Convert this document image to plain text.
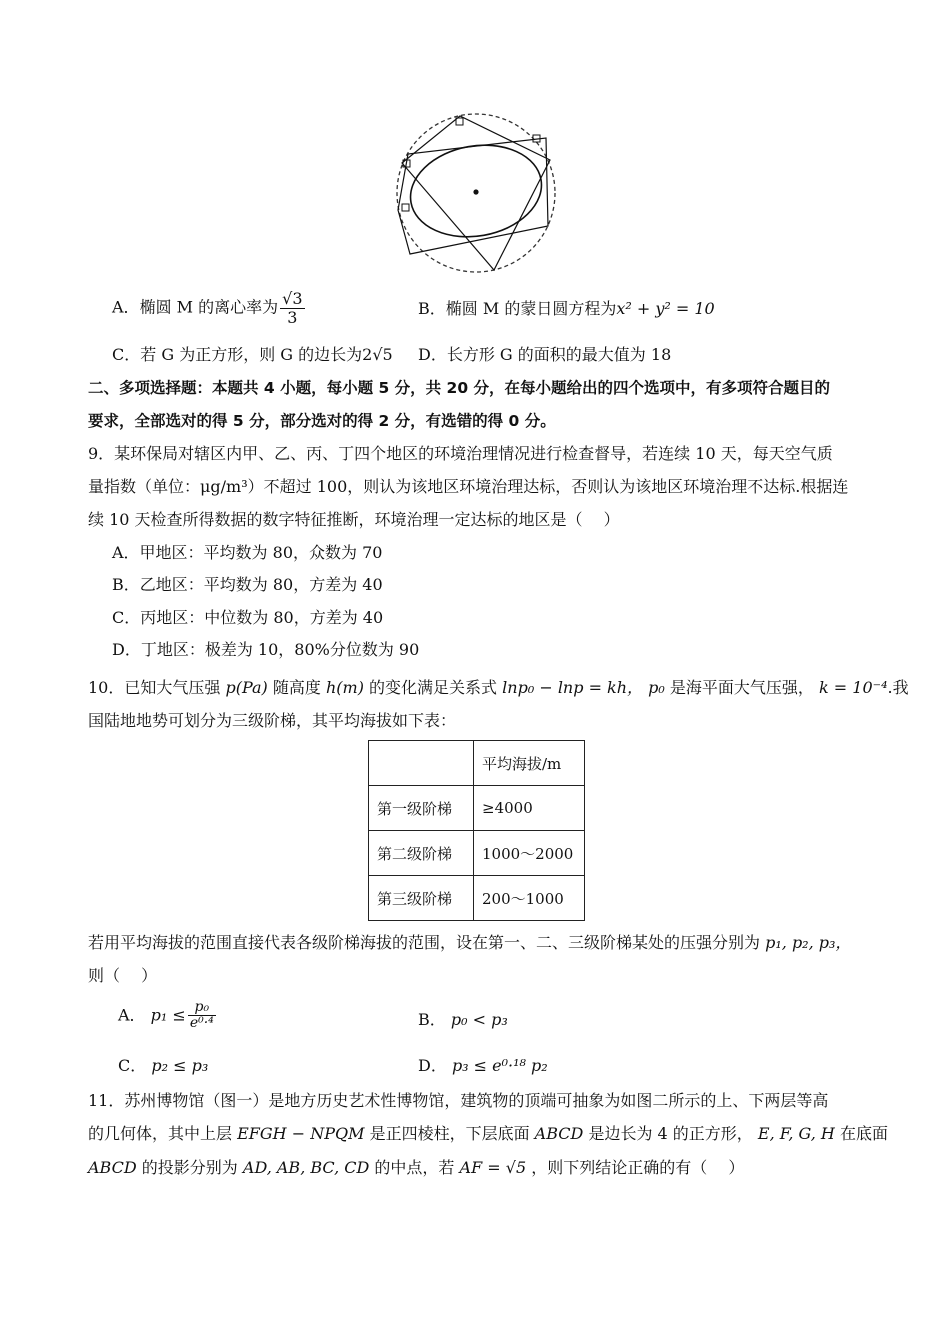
A．椭圆 M 的离心率为 $\frac{√3}{3}$	B．椭圆 M 的蒙日圆方程为x² + y² = 10
C．若 G 为正方形，则 G 的边长为2√5 D．长方形 G 的面积的最大值为 18
二、多项选择题：本题共 4 小题，每小题 5 分，共 20 分，在每小题给出的四个选项中，有多项符合题目的
要求，全部选对的得 5 分，部分选对的得 2 分，有选错的得 0 分。
9．某环保局对辖区内甲、乙、丙、丁四个地区的环境治理情况进行检查督导，若连续 10 天，每天空气质
量指数（单位：μg/m³）不超过 100，则认为该地区环境治理达标，否则认为该地区环境治理不达标.根据连
续 10 天检查所得数据的数字特征推断，环境治理一定达标的地区是（　 ）
A．甲地区：平均数为 80，众数为 70
B．乙地区：平均数为 80，方差为 40
C．丙地区：中位数为 80，方差为 40
D．丁地区：极差为 10，80%分位数为 90
10．已知大气压强 p(Pa) 随高度 h(m) 的变化满足关系式 lnp₀ − lnp = kh， p₀ 是海平面大气压强， k = 10⁻⁴.我
国陆地地势可划分为三级阶梯，其平均海拔如下表：
	平均海拔/m
第一级阶梯	≥4000
第二级阶梯	1000～2000
第三级阶梯	200～1000
若用平均海拔的范围直接代表各级阶梯海拔的范围，设在第一、二、三级阶梯某处的压强分别为 p₁, p₂, p₃，
则（　 ）
A． $p_1 \le \frac{\text{p₀}}{\text{e⁰·⁴}}$	B． p₀ < p₃
C． p₂ ≤ p₃	D． p₃ ≤ e⁰·¹⁸ p₂
11．苏州博物馆（图一）是地方历史艺术性博物馆，建筑物的顶端可抽象为如图二所示的上、下两层等高
的几何体，其中上层 EFGH − NPQM 是正四棱柱，下层底面 ABCD 是边长为 4 的正方形， E, F, G, H 在底面
ABCD 的投影分别为 AD, AB, BC, CD 的中点，若 AF = √5 ，则下列结论正确的有（　 ）
